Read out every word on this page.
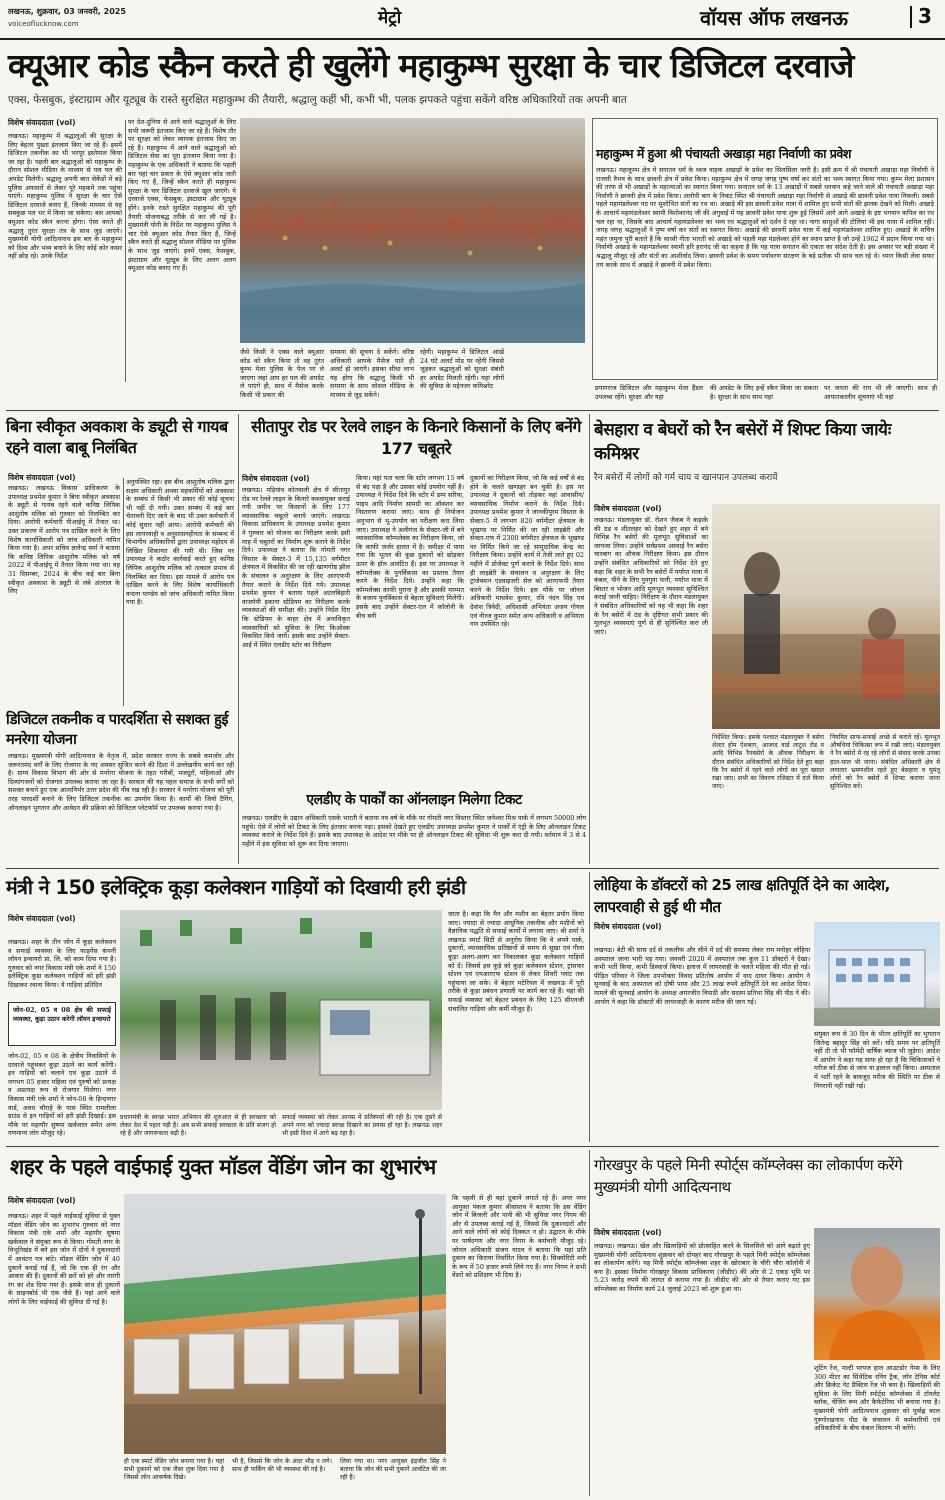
लखनऊ, शुक्रवार, 03 जनवरी, 2025
voiceoflucknow.com	मेट्रो	वॉयस ऑफ लखनऊ	3
क्यूआर कोड स्कैन करते ही खुलेंगे महाकुम्भ सुरक्षा के चार डिजिटल दरवाजे
एक्स, फेसबुक, इंस्टाग्राम और यूट्यूब के रास्ते सुरक्षित महाकुम्भ की तैयारी, श्रद्धालु कहीं भी, कभी भी, पलक झपकते पहुंचा सकेंगे वरिष्ठ अधिकारियों तक अपनी बात
विशेष संवाददाता (vol)
लखनऊ। महाकुम्भ में श्रद्धालुओं की सुरक्षा के लिए बेहतर पुख्ता इंतजाम किए जा रहे हैं। इसमें डिजिटल तकनीक का भी भरपूर इस्तेमाल किया जा रहा है। पहली बार श्रद्धालुओं को महाकुम्भ के दौरान सोशल मीडिया के माध्यम से पल पल की अपडेट मिलेगी। श्रद्धालु अपनी बात सेकेंडों में बड़े पुलिस अफसरों से लेकर पूरे महकमे तक पहुंचा पाएंगे। महाकुम्भ पुलिस ने सुरक्षा के चार ऐसे डिजिटल दरवाजे बनाए हैं, जिनके माध्यम से यह सबकुछ पल भर में किया जा सकेगा। बस आपको क्यूआर कोड स्कैन करना होगा। ऐसा करते ही श्रद्धालु तुरंत सुरक्षा तंत्र के साथ जुड़ जाएंगे। मुख्यमंत्री योगी आदित्यनाथ इस बार के महाकुम्भ को दिव्य और भव्य बनाने के लिए कोई कोर कसर नहीं छोड़ रहे। उनके निर्देश
पर देश-दुनिया से आने वाले श्रद्धालुओं के लिए सभी जरूरी इंतजाम किए जा रहे हैं। विशेष तौर पर सुरक्षा को लेकर व्यापक इंतजाम किए जा रहे हैं। महाकुम्भ में आने वाले श्रद्धालुओं को डिजिटल सेवा का पूरा इंतजाम किया गया है। महाकुम्भ के एक अधिकारी ने बताया कि पहली बार यहां चार प्रकार के ऐसे क्यूआर कोड जारी किए गए हैं, जिन्हें स्कैन करते ही महाकुम्भ सुरक्षा के चार डिजिटल दरवाजे खुल जाएंगे। ये दरवाजे एक्स, फेसबुक, इंस्टाग्राम और यूट्यूब होंगे। इनके रास्ते सुरक्षित महाकुम्भ की पूरी तैयारी योजनाबद्ध तरीके से कर ली गई है। मुख्यमंत्री योगी के निर्देश पर महाकुम्भ पुलिस ने चार ऐसे क्यूआर कोड तैयार किए हैं, जिन्हें स्कैन करते ही श्रद्धालु सोशल मीडिया पर पुलिस के साथ जुड़ जाएंगे। इनमें एक्स, फेसबुक, इंस्टाग्राम और यूट्यूब के लिए अलग अलग क्यूआर कोड बनाए गए हैं।
जैसे किसी ने एक्स वाले क्यूआर कोड को स्कैन किया तो वह तुरंत कुम्भ मेला पुलिस के पेज पर ले जाएगा जहां आप हर पल की अपडेट ले पाएंगे ही, साथ में मैसेज करके किसी भी प्रकार की
समस्या की सूचना दे सकेंगे। वरिष्ठ अधिकारी आपके मैसेज पाते ही अलर्ट हो जाएंगे। इसका सीधा लाभ यह होगा कि श्रद्धालु किसी भी समस्या के साथ सोशल मीडिया के माध्यम से जुड़ सकेंगे।
रहेगी। महाकुम्भ में डिजिटल आंखें 24 घंटे अलर्ट मोड पर रहेंगी जिससे जुड़कर श्रद्धालुओं को सुरक्षा संबंधी हर अपडेट मिलती रहेगी। यहां लोगों की सुविधा के मद्देनजर कमिश्नरेट	प्रयागराज डिजिटल और महाकुम्भ मेला हैंडल उपलब्ध रहेंगे। सुरक्षा और यहां
की अपडेट के लिए इन्हें स्कैन किया जा सकता है। सुरक्षा के साथ साथ यहां
पर जनता की राय भी ली जाएगी। साथ ही आपातकालीन सूचनाएं भी यहां
महाकुम्भ में हुआ श्री पंचायती अखाड़ा महा निर्वाणी का प्रवेश
लखनऊ। महाकुम्भ क्षेत्र में सनातन धर्म के ध्वज वाहक अखाड़ों के प्रवेश का सिलसिला जारी है। इसी क्रम में श्री पंचायती अखाड़ा महा निर्वाणी ने राजसी वैभव के साथ छावनी क्षेत्र में प्रवेश किया। महाकुम्भ क्षेत्र में जगह जगह पुष्प वर्षा कर संतों का भव्य स्वागत किया गया। कुम्भ मेला प्रशासन की तरफ से भी अखाड़ों के महात्माओं का स्वागत किया गया। सनातन धर्म के 13 अखाड़ों में सबसे धनवान कहे जाने वाले श्री पंचायती अखाड़ा महा निर्वाणी ने छावनी क्षेत्र में प्रवेश किया। अलोपी बाग के निकट स्थित श्री पंचायती अखाड़ा महा निर्वाणी से अखाड़े की छावनी प्रवेश यात्रा निकली। सबसे पहले महामंडलेश्वर पद पर सुशोभित संतों का रथ था। अखाड़े की इस छावनी प्रवेश यात्रा में शामिल हुए सभी संतों की झलक देखने को मिली। अखाड़े के आचार्य महामंडलेश्वर स्वामी विशोकानंद जी की अगुवाई में यह छावनी प्रवेश यात्रा शुरू हुई जिसमें आगे आगे अखाड़े के इष्ट भगवान कपिल का रथ चल रहा था, जिसके बाद आचार्य महामंडलेश्वर का भव्य रथ श्रद्धालुओं को दर्शन दे रहा था। नागा साधुओं की टोलियां भी इस यात्रा में शामिल रहीं। जगह जगह श्रद्धालुओं ने पुष्प वर्षा कर संतों का स्वागत किया। अखाड़े की छावनी प्रवेश यात्रा में कई महामंडलेश्वर शामिल हुए। अखाड़े के सचिव महंत जमुना पुरी बताते हैं कि साध्वी गीता भारती को अखाड़े को पहली महा मंडलेश्वर होने का स्थान प्राप्त है जो उन्हें 1962 में प्रदान किया गया था। निर्वाणी अखाड़े के महामंडलेश्वर स्वामी हरि हरानंद जी का कहना है कि यह यात्रा सनातन की एकता का संदेश देती है। इस अवसर पर बड़ी संख्या में श्रद्धालु मौजूद रहे और संतों का आशीर्वाद लिया। छावनी प्रवेश के समय पर्यावरण संरक्षण के बड़े प्रतीक भी साथ चल रहे थे। ध्यान किसी लेवा सफर तय करके साथ में अखाड़े ने छावनी में प्रवेश किया।
बिना स्वीकृत अवकाश के ड्यूटी से गायब रहने वाला बाबू निलंबित
विशेष संवाददाता (vol)
लखनऊ। लखनऊ विकास प्राधिकरण के उपाध्यक्ष प्रथमेश कुमार ने बिना स्वीकृत अवकाश के ड्यूटी से गायब रहने वाले कनिष्ठ लिपिक आशुतोष मलिक को गुरुवार को निलम्बित कर दिया। आरोपी कर्मचारी पीआईयू में तैनात था। उक्त प्रकरण में आरोप पत्र दाखिल करने के लिए विशेष कार्याधिकारी को जांच अधिकारी नामित किया गया है। अपर सचिव ज्ञानेन्द्र वर्मा ने बताया कि कनिष्ठ लिपिक आशुतोष मलिक को वर्ष 2022 में पीआईयू में तैनात किया गया था। वह 31 दिसम्बर, 2024 के बीच कई बार बिना स्वीकृत अवकाश के ड्यूटी से लंबे अंतराल के लिए
अनुपस्थित रहा। इस बीच आशुतोष मलिक द्वारा सक्षम अधिकारी अथवा सहकर्मियों को अवकाश के सम्बंध में किसी भी प्रकार की कोई सूचना भी नहीं दी गयी। उक्त सम्बंध में कई बार चेतावनी दिए जाने के बाद भी उक्त कर्मचारी में कोई सुधार नहीं आया। आरोपी कर्मचारी की इस लापरवाही व अनुशासनहीनता के सम्बन्ध में विभागीय अधिकारियों द्वारा उपाध्यक्ष महोदय से लिखित शिकायत की गयी थी। जिस पर उपाध्यक्ष ने कठोर कार्रवाई करते हुए कनिष्ठ लिपिक आशुतोष मलिक को तत्काल प्रभाव से निलम्बित कर दिया। इस मामले में आरोप पत्र दाखिल करने के लिए विशेष कार्याधिकारी वन्दना पाण्डेय को जांच अधिकारी नामित किया गया है।
डिजिटल तकनीक व पारदर्शिता से सशक्त हुई मनरेगा योजना
लखनऊ। मुख्यमंत्री योगी आदित्यनाथ के नेतृत्व में, प्रदेश सरकार राज्य के सबसे कमजोर और जरूरतमंद वर्गों के लिए रोजगार के नए अवसर सुजित करने की दिशा में उल्लेखनीय कार्य कर रही है। ग्राम्य विकास विभाग की ओर से मनरेगा योजना के तहत गरीबों, मजदूरों, महिलाओं और दिव्यांगजनों को रोजगार उपलब्ध कराया जा रहा है। सरकार की यह पहल समाज के सभी वर्गों को सशक्त बनाने हुए एक आत्मनिर्भर उत्तर प्रदेश की नींव रख रही है। सरकार ने मनरेगा योजना को पूरी तरह पारदर्शी बनाने के लिए डिजिटल तकनीक का उपयोग किया है। कार्यों की जियो टैगिंग, ऑनलाइन भुगतान और आवेदन की प्रक्रिया को डिजिटल प्लेटफॉर्म पर उपलब्ध कराया गया है।
सीतापुर रोड पर रेलवे लाइन के किनारे किसानों के लिए बनेंगे 177 चबूतरे
विशेष संवाददाता (vol)
लखनऊ। मड़ियांव कोतवाली क्षेत्र में सीतापुर रोड पर रेलवे लाइन के किनारे कब्जामुक्त कराई गयी जमीन पर किसानों के लिए 177 व्यावसायिक चबूतरे बनाये जाएंगे। लखनऊ विकास प्राधिकरण के उपाध्यक्ष प्रथमेश कुमार ने गुरुवार को योजना का निरीक्षण करके इसी माह में चबूतरों का निर्माण शुरू कराने के निर्देश दिये। उपाध्यक्ष ने बताया कि गोमती नगर विस्तार के सेक्टर-3 में 15,135 वर्गमीटर क्षेत्रफल में विकसित की जा रही खाणगोष्ठ झील के संचालन व अनुरक्षण के लिए आरएफपी तैयार कराने के निर्देश दिये गये। उपाध्यक्ष प्रथमेश कुमार ने बताया पहले अटलबिहारी वाजपेयी इकाना स्टेडियम का निरीक्षण करके व्यवस्थाओं की समीक्षा की। उन्होंने निर्देश दिए कि स्टेडियम के बाहर क्षेत्र में अनाधिकृत व्यवसायियों को सुविधा के लिए किओस्क विकसित किये जायें। इसके बाद उन्होंने सेक्टर-आई में स्थित एलडीए स्टोर का निरीक्षण
किया। यहां पता चला कि स्टोर लगभग 15 वर्ष से बंद पड़ा है और उसका कोई उपयोग नहीं है। उपाध्यक्ष ने निर्देश दिये कि स्टोर में डम्प सरिया, पाइप आदि निर्माण सामग्री का ऑक्शन कर निस्तारण कराया जाए। साथ ही नियोजन अनुभाग से भू-उपयोग का परीक्षण करा लिया जाए। उपाध्यक्ष ने अलीगंज के सेक्टर-जी में बने व्यावसायिक कॉम्पलेक्स का निरीक्षण किया, जो कि काफी जर्जर हालत में है। समीक्षा में पाया गया कि भूतल की कुछ दुकानों को छोड़कर ऊपर के हॉल आवंटित हैं। इस पर उपाध्यक्ष ने कॉम्पलेक्स के पुनर्विकास का प्रस्ताव तैयार करने के निर्देश दिये। उन्होंने कहा कि कॉम्पलेक्स काफी पुराना है और इसकी मरम्मत के बजाय पुनर्विकास से बेहतर सुविधाएं मिलेंगी। इसके बाद उन्होंने सेक्टर-एल में कॉलोनी के बीच बनी
दुकानों का निरीक्षण किया, जो कि कई वर्षों से बंद होने के चलते खण्डहर बन चुकी है। इस पर उपाध्यक्ष ने दुकानों को तोड़कर वहां आवासीय/व्यावसायिक निर्माण कराने के निर्देश दिये। उपाध्यक्ष प्रथमेश कुमार ने जानकीपुरम विस्तार के सेक्टर-5 में लगभग 820 वर्गमीटर क्षेत्रफल के भूखण्ड पर निर्मित की जा रही लाइब्रेरी और सेक्टर-एफ में 2300 वर्गमीटर क्षेत्रफल के भूखण्ड पर निर्मित किये जा रहे सामुदायिक केन्द्र का निरीक्षण किया। उन्होंने कार्य में तेजी लाते हुए 02 महीने में प्रोजेक्ट पूर्ण कराने के निर्देश दिये। साथ ही लाइब्रेरी के संचालन व अनुरक्षण के लिए ट्रांजेक्शन एडवाइजरी सेल को आरएफपी तैयार करने के निर्देश दिये। इस मौके पर जोनल अधिकारी माधवेश कुमार, रवि नंदन सिंह एवं देवांश त्रिवेदी, अधिशासी अभियंता अजय गोयल एवं नीरज कुमार समेत अन्य अधिकारी व अभियंता गण उपस्थित रहे।
एलडीए के पार्कों का ऑनलाइन मिलेगा टिकट
लखनऊ। एलडीए के उद्यान अधिकारी एसके भारती ने बताया नव वर्ष के मौके पर गोमती नगर विस्तार स्थित जनेश्वर मिश्र पार्क में लगभग 50000 लोग पहुंचे। ऐसे में लोगों को टिकट के लिए इंतजार करना पड़ा। इसको देखते हुए एलडीए उपाध्यक्ष प्रथमेश कुमार ने पार्कों में एंट्री के लिए ऑनलाइन टिकट व्यवस्था कराने के निर्देश दिये हैं। इसके बाद उपाध्यक्ष के आदेश पर मौके पर ही ऑनलाइन टिकट की सुविधा भी शुरू करा दी गयी। वर्तमान में 3 से 4 महीने में इस सुविधा को शुरू कर दिया जाएगा।
बेसहारा व बेघरों को रैन बसेरों में शिफ्ट किया जायेः कमिश्नर
रैन बसेरों में लोगों को गर्म चाय व खानपान उपलब्ध करायें
विशेष संवाददाता (vol)
लखनऊ। मंडलायुक्त डॉ. रोशन जैकब ने कड़ाके की ठंड व शीतलहर को देखते हुए शहर में बने विभिन्न रैन बसेरों की मूलभूत सुविधाओं का जायजा लिया। उन्होंने सर्वप्रथम अस्थाई रैन बसेरा चारबाग का औचक निरीक्षण किया। इस दौरान उन्होंने संबंधित अधिकारियों को निर्देश देते हुए कहा कि शहर के सभी रैन बसेरों में पर्याप्त मात्रा में कंबल, पीने के लिए गुनगुना पानी, पर्याप्त मात्रा में बिस्तर व भोजन आदि मूलभूत व्यवस्था सुनिश्चित कराई जानी चाहिए। निरीक्षण के दौरान मंडलायुक्त ने संबंधित अधिकारियों को यह भी कहा कि शहर के रैन बसेरों में ठंड के दृष्टिगत सभी प्रकार की मूलभूत व्यवस्थाएं पूर्ण से ही सुनिश्चित करा ली जाएं।
निर्देशित किया। इसके पश्चात मंडलायुक्त ने बसेरा शेल्टर होम ऐशबाग, आजाद वार्ड लाटूश रोड व आदि विभिन्न रैनबसेरों के औचक निरीक्षण के दौरान संबंधित अधिकारियों को निर्देश देते हुए कहा कि रैन बसेरों में रहने वाले लोगों का पूरा ख्याल रखा जाए। सभी का विवरण रजिस्टर में दर्ज किया जाए।
नियमित साफ-सफाई अच्छे से कराते रहें। मूलभूत औषधियां चिकित्सा रूप में रखी जाएं। मंडलायुक्त ने रैन बसेरों में रह रहे लोगों से संवाद करके उनका हाल-चाल भी जाना। संबंधित अधिकारी क्षेत्र में लगातार भ्रमणशील रहते हुए बेसहारा व घुमंतू लोगों को रैन बसेरों में शिफ्ट कराया जाना सुनिश्चित करें।
मंत्री ने 150 इलेक्ट्रिक कूड़ा कलेक्शन गाड़ियों को दिखायी हरी झंडी
विशेष संवाददाता (vol)
लखनऊ। शहर के तीन जोन में कूड़ा कलेक्शन व सफाई व्यवस्था के लिए फाइनेंस कंपनी लॉयन इन्वायरो प्रा. लि. को काम दिया गया है। गुरुवार को नगर विकास मंत्री एके शर्मा ने 150 इलेक्ट्रिक कूड़ा कलेक्शन गाड़ियों को हरी झंडी दिखाकर रवाना किया। ये गाड़ियां प्रतिदिन
जोन-02, 05 व 08 क्षेत्र की सफाई व्यवस्था, कूड़ा उठान करेगी लॉयन इन्वायरो
जोन-02, 05 व 08 के क्षेत्रीय निवासियों के दरवाजे पहुंचकर कूड़ा उठाने का कार्य करेंगी। इन गाड़ियों को चलाने एवं कूड़ा उठाने में लगभग 05 हजार महिला एवं पुरुषों को प्रत्यक्ष व अप्रत्यक्ष रूप से रोजगार मिलेगा। नगर विकास मंत्री एके शर्मा ने जोन-08 के हिन्दनगर वार्ड, अवध चौराहे के पास स्थित रामलीला ग्राउंड से इन गाड़ियों को हरी झंडी दिखाई। इस मौके पर महापौर सुषमा खर्कवाल समेत अन्य गणमान्य लोग मौजूद रहे।
प्रधानमंत्री के स्वच्छ भारत अभियान की शुरुआत से ही स्वच्छता को लेकर देश में पहल पड़ी है। अब सभी सफाई स्वच्छता के प्रति सजग हो रहे हैं और जागरूकता बढ़ी है।
सफाई व्यवस्था को लेकर आपस में प्रतिस्पर्धा की रही है। एक दूसरे से अपने नगर को ज्यादा स्वच्छ दिखाने का प्रयास हो रहा है। लखनऊ शहर भी इसी दिशा में आगे बढ़ रहा है।
जाता है। कहा कि मैन और मशीन का बेहतर प्रयोग किया जाए। ज्यादा से ज्यादा आधुनिक तकनीक और मशीनों को वैज्ञानिक पद्धति से सफाई कार्यों में लगाया जाए। श्री शर्मा ने लखनऊ स्मार्ट सिटी से अनुरोध किया कि वे अपने पार्क, दुकानों, व्यावसायिक प्रतिष्ठानों से समय से सूखा एवं गीला कूड़ा अलग-अलग कर निकालकर कूड़ा कलेक्शन गाड़ियों को दें। जिससे इस कूड़े को कूड़ा कलेक्शन स्टेशन, ट्रांसफर स्टेशन एवं एमआरएफ स्टेशन से लेकर शिवरी प्लांट तक पहुंचाया जा सके। वे बेहतर मटेरियल में लखनऊ में पूरी तरीके से कूड़ा प्रबंधन प्रणाली पर कार्य कर रहे हैं। यहां की सफाई व्यवस्था को बेहतर प्रबंधन के लिए 125 सीएनजी संचालित गाड़ियां और कर्मी मौजूद हैं।
लोहिया के डॉक्टरों को 25 लाख क्षतिपूर्ति देने का आदेश, लापरवाही से हुई थी मौत
विशेष संवाददाता (vol)
लखनऊ। बेटी की सास दर्द से तकलीफ और सीने में दर्द की समस्या लेकर राम मनोहर लोहिया अस्पताल जाना भारी पड़ गया। जनवरी 2020 में अस्पताल तक कुल 11 डॉक्टरों ने देखा। कभी भर्ती किया, कभी डिस्चार्ज किया। इलाज में लापरवाही के चलते महिला की मौत हो गई। पीड़ित परिवार ने जिला उपभोक्ता विवाद प्रतितोष आयोग में वाद दायर किया। आयोग ने सुनवाई के बाद अस्पताल को दोषी पाया और 25 लाख रुपये क्षतिपूर्ति देने का आदेश दिया। मामले की सुनवाई आयोग के अध्यक्ष अमरजीत त्रिपाठी और सदस्य प्रतिभा सिंह की पीठ ने की। आयोग ने कहा कि डॉक्टरों की लापरवाही के कारण मरीज की जान गई।
संयुक्त रूप से 30 दिन के भीतर क्षतिपूर्ति का भुगतान जितेन्द्र बहादुर सिंह को करें। यदि समय पर क्षतिपूर्ति नहीं दी तो भी फॉर्मदी वार्षिक ब्याज भी जुड़ेगा। आदेश में आयोग ने कहा यह साफ हो रहा है कि चिकित्सकों ने मरीज को ठीक से जांच या इलाज नहीं किया। अस्पताल में भर्ती रहने के बावजूद मरीज की स्थिति पर ठीक से निगरानी नहीं रखी गई।
शहर के पहले वाईफाई युक्त मॉडल वेंडिंग जोन का शुभारंभ
विशेष संवाददाता (vol)
लखनऊ। शहर में पहले वाईफाई सुविधा से युक्त मॉडल वेंडिंग जोन का शुभारंभ गुरुवार को नगर विकास मंत्री एके शर्मा और महापौर सुषमा खर्कवाल ने संयुक्त रूप से किया। गोमती नगर के विभूतिखंड में बने इस जोन में दोनों ने दुकानदारों में आवंटन पत्र बांटे। मॉडल वेंडिंग जोन में 40 दुकानें बनाई गई हैं, जो कि एक ही रंग और आकार की हैं। दुकानों की छतें को हरे और नारंगी रंग का शेड दिया गया है। इसके साथ ही दुकानों के साइनबोर्ड भी एक जैसे हैं। यहां आने वाले लोगों के लिए वाईफाई की सुविधा दी गई है।
ही एक स्मार्ट वेंडिंग जोन बनाया गया है। यहां सभी दुकानों को एक जैसा लुक दिया गया है जिससे जोन आकर्षक दिखे।
भी है, जिससे कि जोन के अंदर भीड़ न लगे। साथ ही पार्किंग की भी व्यवस्था की गई है।
लिया गया था। नगर आयुक्त इंद्रजीत सिंह ने बताया कि जोन की सभी दुकानें आवंटित की जा रही हैं।
कि पहली से ही वहां दुकानें लगाते रहे हैं। अपर नगर आयुक्त पंकज कुमार श्रीवास्तव ने बताया कि इस वेंडिंग जोन में बिजली और पानी की भी सुविधा नगर निगम की ओर से उपलब्ध कराई गई है, जिससे कि दुकानदारों और आने वाले लोगों को कोई दिक्कत न हो। उद्घाटन के मौके पर पार्षदगण और नगर निगम के कर्मचारी मौजूद रहे। जोनल अधिकारी संजय यादव ने बताया कि यहां प्रति दुकान का किराया निर्धारित किया गया है। सिक्योरिटी मनी के रूप में 50 हजार रुपये लिये गए हैं। नगर निगम ने सभी वेंडरों को प्रशिक्षण भी दिया है।
गोरखपुर के पहले मिनी स्पोर्ट्स कॉम्प्लेक्स का लोकार्पण करेंगे मुख्यमंत्री योगी आदित्यनाथ
विशेष संवाददाता (vol)
लखनऊ। लखनऊ। खेल और खिलाड़ियों को प्रोत्साहित करने के सिलसिले को आगे बढ़ाते हुए मुख्यमंत्री योगी आदित्यनाथ शुक्रवार को दोपहर बाद गोरखपुर के पहले मिनी स्पोर्ट्स कॉम्प्लेक्स का लोकार्पण करेंगे। यह मिनी स्पोर्ट्स कॉम्प्लेक्स शहर के खोराबार के चौरी चौरा कॉलोनी में बना है। इसका निर्माण गोरखपुर विकास प्राधिकरण (जीडीए) की ओर से 2 एकड़ भूमि पर 5.23 करोड़ रुपये की लागत से कराया गया है। जीडीए की ओर से तैयार कराए गए इस कॉम्प्लेक्स का निर्माण कार्य 24 जुलाई 2023 को शुरू हुआ था।
शूटिंग रेंज, मल्टी परपज हाल आउटडोर गेम्स के लिए 300 मीटर का सिंथेटिक रनिंग ट्रैक, लॉन टेनिस कोर्ट और क्रिकेट नेट प्रैक्टिस रेंज भी बना है। खिलाड़ियों की सुविधा के लिए मिनी स्पोर्ट्स कॉम्प्लेक्स में टॉयलेट ब्लॉक, चेंजिंग रूम और कैफेटेरिया भी बनाया गया है। मुख्यमंत्री योगी आदित्यनाथ शुक्रवार को पूर्वाह्न काल गुरुगोरखनाथ पीठ के संचालन में कर्मचारियों एवं अधिकारियों के बीच कंबल वितरण भी करेंगे।
